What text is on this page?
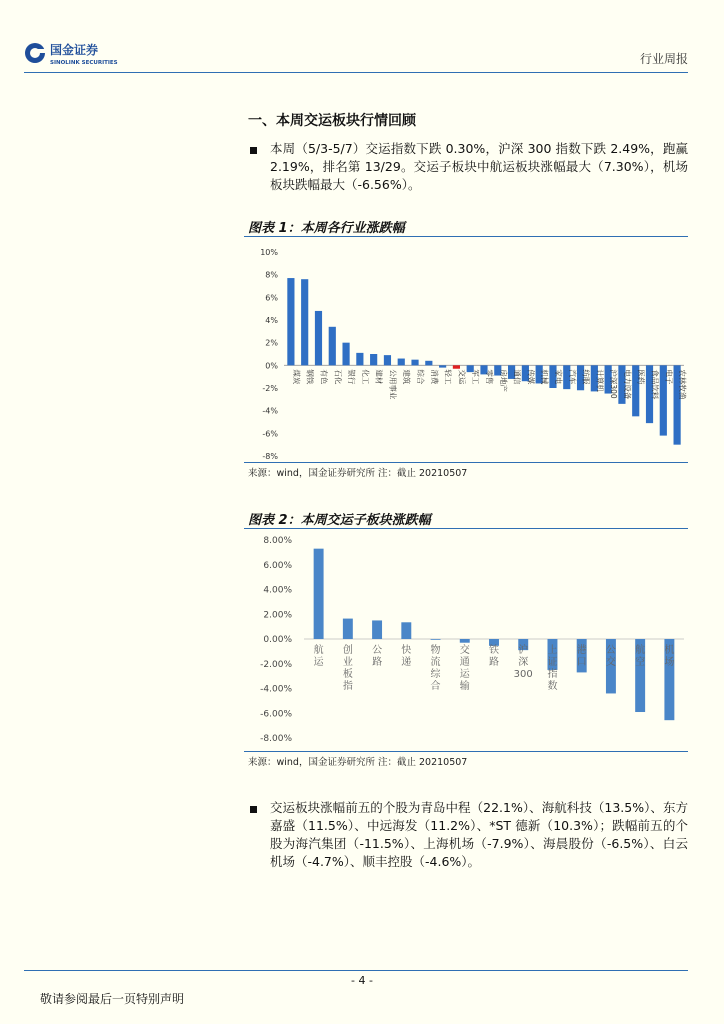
国金证券
SINOLINK SECURITIES	行业周报
一、本周交运板块行情回顾
本周（5/3-5/7）交运指数下跌 0.30%，沪深 300 指数下跌 2.49%，跑赢 2.19%，排名第 13/29。交运子板块中航运板块涨幅最大（7.30%），机场板块跌幅最大（-6.56%）。
图表 1：本周各行业涨跌幅
10%
8%
6%
4%
2%
0%
-2%
-4%
-6%
-8%
煤炭 钢铁 有色 石化 银行 化工 建材 公用事业 建筑 综合 消费 轻工 交运 军工 零售 房地产 通信 传媒 机械 家电 汽车 纺服 计算机 沪深300 电力设备 医药 食品饮料 电子 农林牧渔
来源：wind，国金证券研究所 注：截止 20210507
图表 2：本周交运子板块涨跌幅
8.00%
6.00%
4.00%
2.00%
0.00%
-2.00%
-4.00%
-6.00%
-8.00%
航运
创业板指
公路
快递
物流综合
交通运输
铁路
沪深 300
上证指数
港口
公交
航空
机场
来源：wind，国金证券研究所 注：截止 20210507
交运板块涨幅前五的个股为青岛中程（22.1%）、海航科技（13.5%）、东方嘉盛（11.5%）、中远海发（11.2%）、*ST 德新（10.3%）；跌幅前五的个股为海汽集团（-11.5%）、上海机场（-7.9%）、海晨股份（-6.5%）、白云机场（-4.7%）、顺丰控股（-4.6%）。
- 4 -
敬请参阅最后一页特别声明
